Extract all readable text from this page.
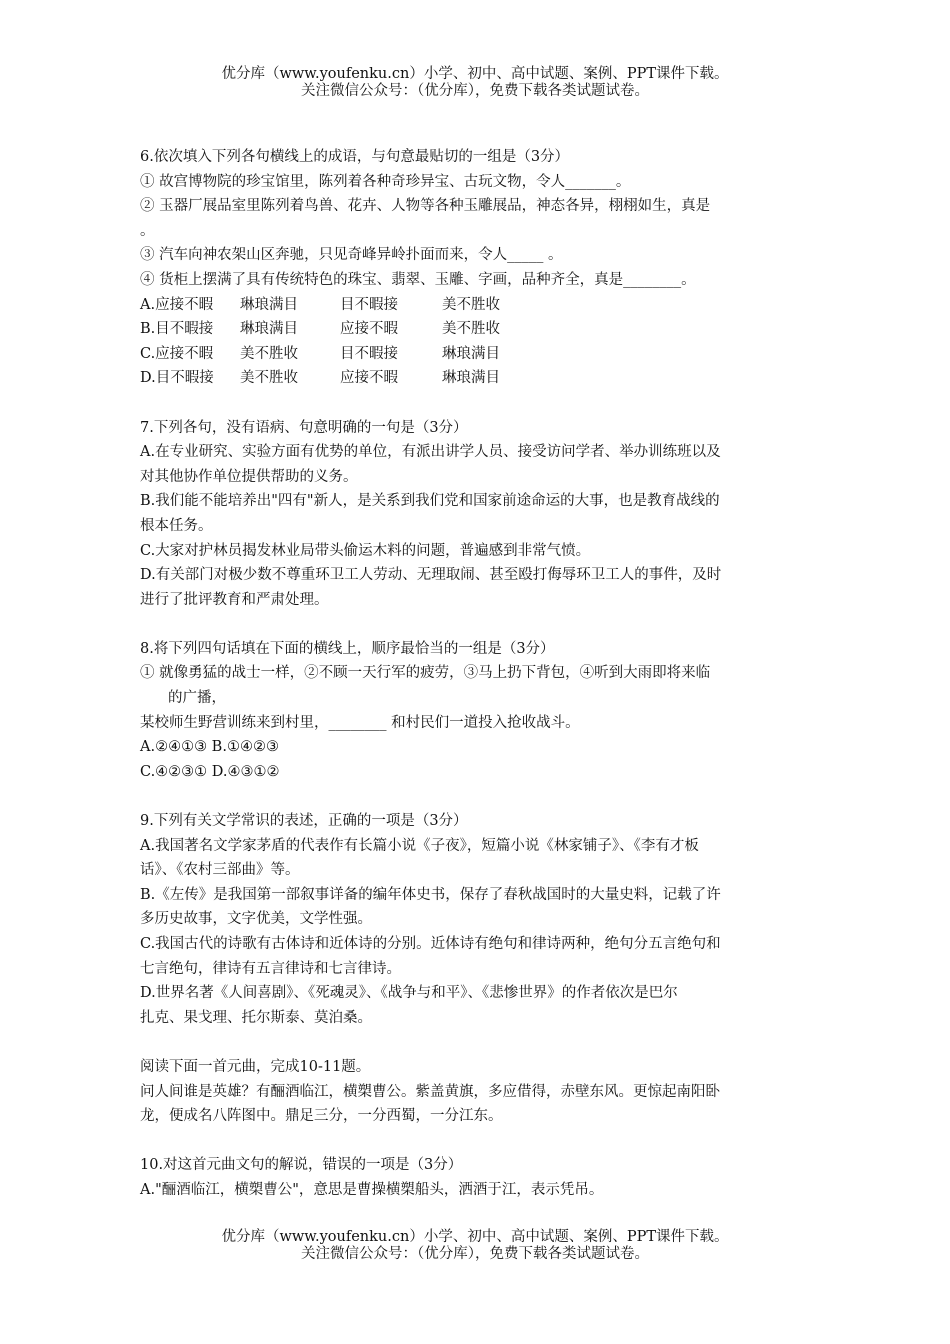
优分库（www.youfenku.cn）小学、初中、高中试题、案例、PPT课件下载。
关注微信公众号：（优分库），免费下载各类试题试卷。
6.依次填入下列各句横线上的成语，与句意最贴切的一组是（3分）
① 故宫博物院的珍宝馆里，陈列着各种奇珍异宝、古玩文物，令人_______。
② 玉器厂展品室里陈列着鸟兽、花卉、人物等各种玉雕展品，神态各异，栩栩如生，真是
。
③ 汽车向神农架山区奔驰，只见奇峰异岭扑面而来，令人_____ 。
④ 货柜上摆满了具有传统特色的珠宝、翡翠、玉雕、字画，品种齐全，真是________。
A.应接不暇 琳琅满目	目不暇接	美不胜收
B.目不暇接 琳琅满目	应接不暇	美不胜收
C.应接不暇 美不胜收	目不暇接	琳琅满目
D.目不暇接 美不胜收	应接不暇	琳琅满目
7.下列各句，没有语病、句意明确的一句是（3分）
A.在专业研究、实验方面有优势的单位，有派出讲学人员、接受访问学者、举办训练班以及
对其他协作单位提供帮助的义务。
B.我们能不能培养出"四有"新人，是关系到我们党和国家前途命运的大事，也是教育战线的
根本任务。
C.大家对护林员揭发林业局带头偷运木料的问题，普遍感到非常气愤。
D.有关部门对极少数不尊重环卫工人劳动、无理取闹、甚至殴打侮辱环卫工人的事件，及时
进行了批评教育和严肃处理。
8.将下列四句话填在下面的横线上，顺序最恰当的一组是（3分）
① 就像勇猛的战士一样，②不顾一天行军的疲劳，③马上扔下背包，④听到大雨即将来临
的广播，
某校师生野营训练来到村里，________ 和村民们一道投入抢收战斗。
A.②④①③ B.①④②③
C.④②③① D.④③①②
9.下列有关文学常识的表述，正确的一项是（3分）
A.我国著名文学家茅盾的代表作有长篇小说《子夜》，短篇小说《林家铺子》、《李有才板
话》、《农村三部曲》等。
B.《左传》是我国第一部叙事详备的编年体史书，保存了春秋战国时的大量史料，记载了许
多历史故事，文字优美，文学性强。
C.我国古代的诗歌有古体诗和近体诗的分别。近体诗有绝句和律诗两种，绝句分五言绝句和
七言绝句，律诗有五言律诗和七言律诗。
D.世界名著《人间喜剧》、《死魂灵》、《战争与和平》、《悲惨世界》的作者依次是巴尔
扎克、果戈理、托尔斯泰、莫泊桑。
阅读下面一首元曲，完成10-11题。
问人间谁是英雄？有酾酒临江，横槊曹公。紫盖黄旗，多应借得，赤壁东风。更惊起南阳卧
龙，便成名八阵图中。鼎足三分，一分西蜀，一分江东。
10.对这首元曲文句的解说，错误的一项是（3分）
A."酾酒临江，横槊曹公"，意思是曹操横槊船头，洒酒于江，表示凭吊。
优分库（www.youfenku.cn）小学、初中、高中试题、案例、PPT课件下载。
关注微信公众号：（优分库），免费下载各类试题试卷。
